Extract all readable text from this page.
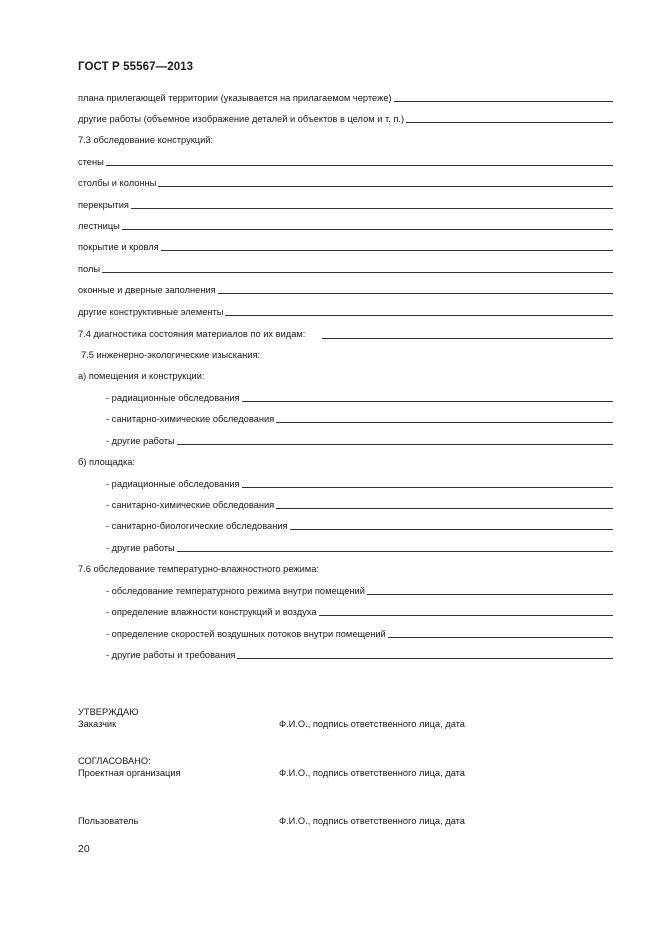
ГОСТ Р 55567—2013
плана прилегающей территории (указывается на прилагаемом чертеже)
другие работы (объемное изображение деталей и объектов в целом и т. п.)
7.3 обследование конструкций:
стены
столбы и колонны
перекрытия
лестницы
покрытие и кровля
полы
оконные и дверные заполнения
другие конструктивные элементы
7.4 диагностика состояния материалов по их видам:
7.5 инженерно-экологические изыскания:
а) помещения и конструкции:
- радиационные обследования
- санитарно-химические обследования
- другие работы
б) площадка:
- радиационные обследования
- санитарно-химические обследования
- санитарно-биологические обследования
- другие работы
7.6 обследование температурно-влажностного режима:
- обследование температурного режима внутри помещений
- определение влажности конструкций и воздуха
- определение скоростей воздушных потоков внутри помещений
- другие работы и требования
УТВЕРЖДАЮ
Заказчик	Ф.И.О., подпись ответственного лица, дата
СОГЛАСОВАНО:
Проектная организация	Ф.И.О., подпись ответственного лица, дата
Пользователь	Ф.И.О., подпись ответственного лица, дата
20
